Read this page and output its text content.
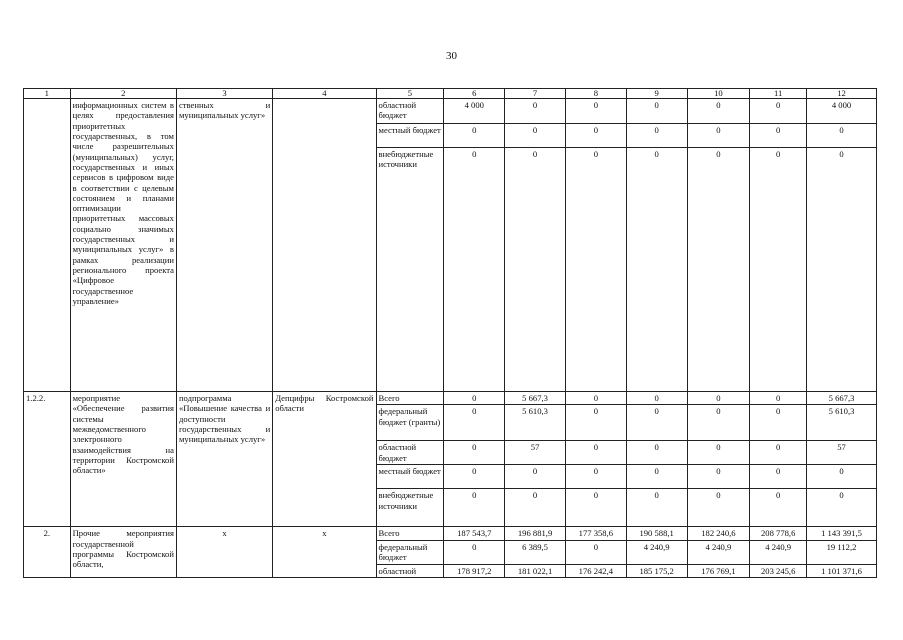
30
1	2	3	4	5	6	7	8	9	10	11	12
	информационных систем в целях предоставления приоритетных государственных, в том числе разрешительных (муниципальных) услуг, государственных и иных сервисов в цифровом виде в соответствии с целевым состоянием и планами оптимизации приоритетных массовых социально значимых государственных и муниципальных услуг» в рамках реализации регионального проекта «Цифровое государственное управление»	ственных и муниципальных услуг»		областной бюджет	4 000	0	0	0	0	0	4 000
				местный бюджет	0	0	0	0	0	0	0
				внебюджетные источники	0	0	0	0	0	0	0
1.2.2.	мероприятие «Обеспечение развития системы межведомственного электронного взаимодействия на территории Костромской области»	подпрограмма «Повышение качества и доступности государственных и муниципальных услуг»	Депцифры Костромской области	Всего	0	5 667,3	0	0	0	0	5 667,3
				федеральный бюджет (гранты)	0	5 610,3	0	0	0	0	5 610,3
				областной бюджет	0	57	0	0	0	0	57
				местный бюджет	0	0	0	0	0	0	0
				внебюджетные источники	0	0	0	0	0	0	0
2.	Прочие мероприятия государственной программы Костромской области,	x	x	Всего	187 543,7	196 881,9	177 358,6	190 588,1	182 240,6	208 778,6	1 143 391,5
				федеральный бюджет	0	6 389,5	0	4 240,9	4 240,9	4 240,9	19 112,2
				областной	178 917,2	181 022,1	176 242,4	185 175,2	176 769,1	203 245,6	1 101 371,6
